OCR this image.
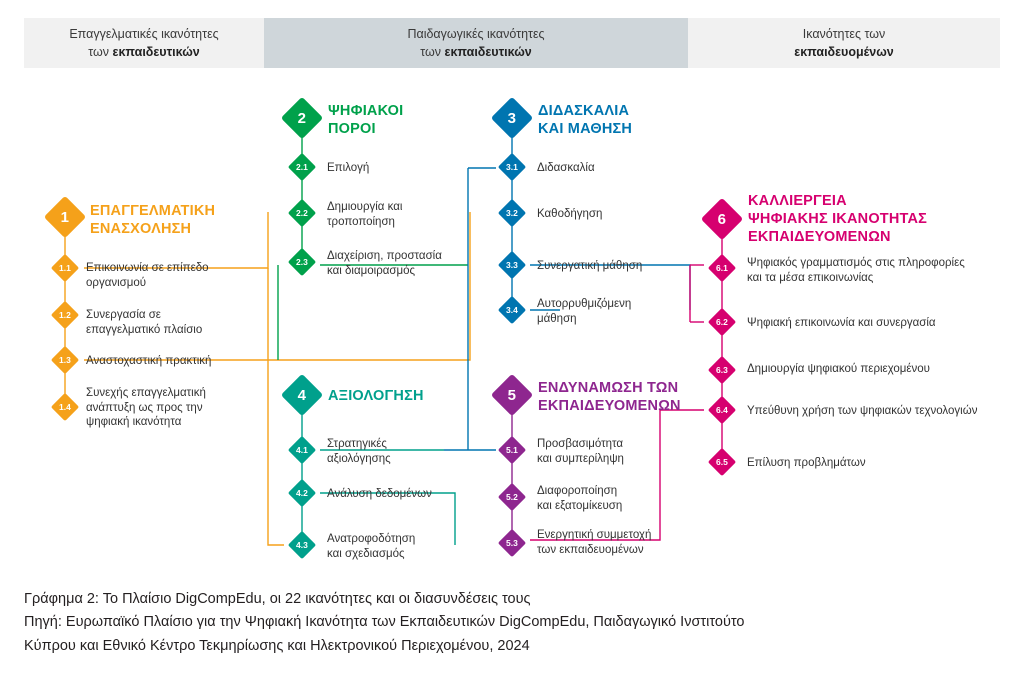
Επαγγελματικές ικανότητες
των εκπαιδευτικών
Παιδαγωγικές ικανότητες
των εκπαιδευτικών
Ικανότητες των
εκπαιδευομένων
1 ΕΠΑΓΓΕΛΜΑΤΙΚΗ
ΕΝΑΣΧΟΛΗΣΗ
1.1 Επικοινωνία σε επίπεδο
οργανισμού
1.2 Συνεργασία σε
επαγγελματικό πλαίσιο
1.3 Αναστοχαστική πρακτική
1.4
Συνεχής επαγγελματική
ανάπτυξη ως προς την
ψηφιακή ικανότητα
2 ΨΗΦΙΑΚΟΙ
ΠΟΡΟΙ
2.1 Επιλογή
2.2 Δημιουργία και
τροποποίηση
2.3 Διαχείριση, προστασία
και διαμοιρασμός
3 ΔΙΔΑΣΚΑΛΙΑ
ΚΑΙ ΜΑΘΗΣΗ
3.1 Διδασκαλία
3.2 Καθοδήγηση
3.3 Συνεργατική μάθηση
3.4 Αυτορρυθμιζόμενη
μάθηση
4 ΑΞΙΟΛΟΓΗΣΗ
4.1 Στρατηγικές
αξιολόγησης
4.2 Ανάλυση δεδομένων
4.3 Ανατροφοδότηση
και σχεδιασμός
5 ΕΝΔΥΝΑΜΩΣΗ ΤΩΝ
ΕΚΠΑΙΔΕΥΟΜΕΝΩΝ
5.1 Προσβασιμότητα
και συμπερίληψη
5.2 Διαφοροποίηση
και εξατομίκευση
5.3
Ενεργητική συμμετοχή
των εκπαιδευομένων
6
ΚΑΛΛΙΕΡΓΕΙΑ
ΨΗΦΙΑΚΗΣ ΙΚΑΝΟΤΗΤΑΣ
ΕΚΠΑΙΔΕΥΟΜΕΝΩΝ
6.1 Ψηφιακός γραμματισμός στις πληροφορίες
και τα μέσα επικοινωνίας
6.2 Ψηφιακή επικοινωνία και συνεργασία
6.3 Δημιουργία ψηφιακού περιεχομένου
6.4 Υπεύθυνη χρήση των ψηφιακών τεχνολογιών
6.5 Επίλυση προβλημάτων
Γράφημα 2: Το Πλαίσιο DigCompEdu, οι 22 ικανότητες και οι διασυνδέσεις τους
Πηγή: Ευρωπαϊκό Πλαίσιο για την Ψηφιακή Ικανότητα των Εκπαιδευτικών DigCompEdu, Παιδαγωγικό Ινστιτούτο
Κύπρου και Εθνικό Κέντρο Τεκμηρίωσης και Ηλεκτρονικού Περιεχομένου, 2024
